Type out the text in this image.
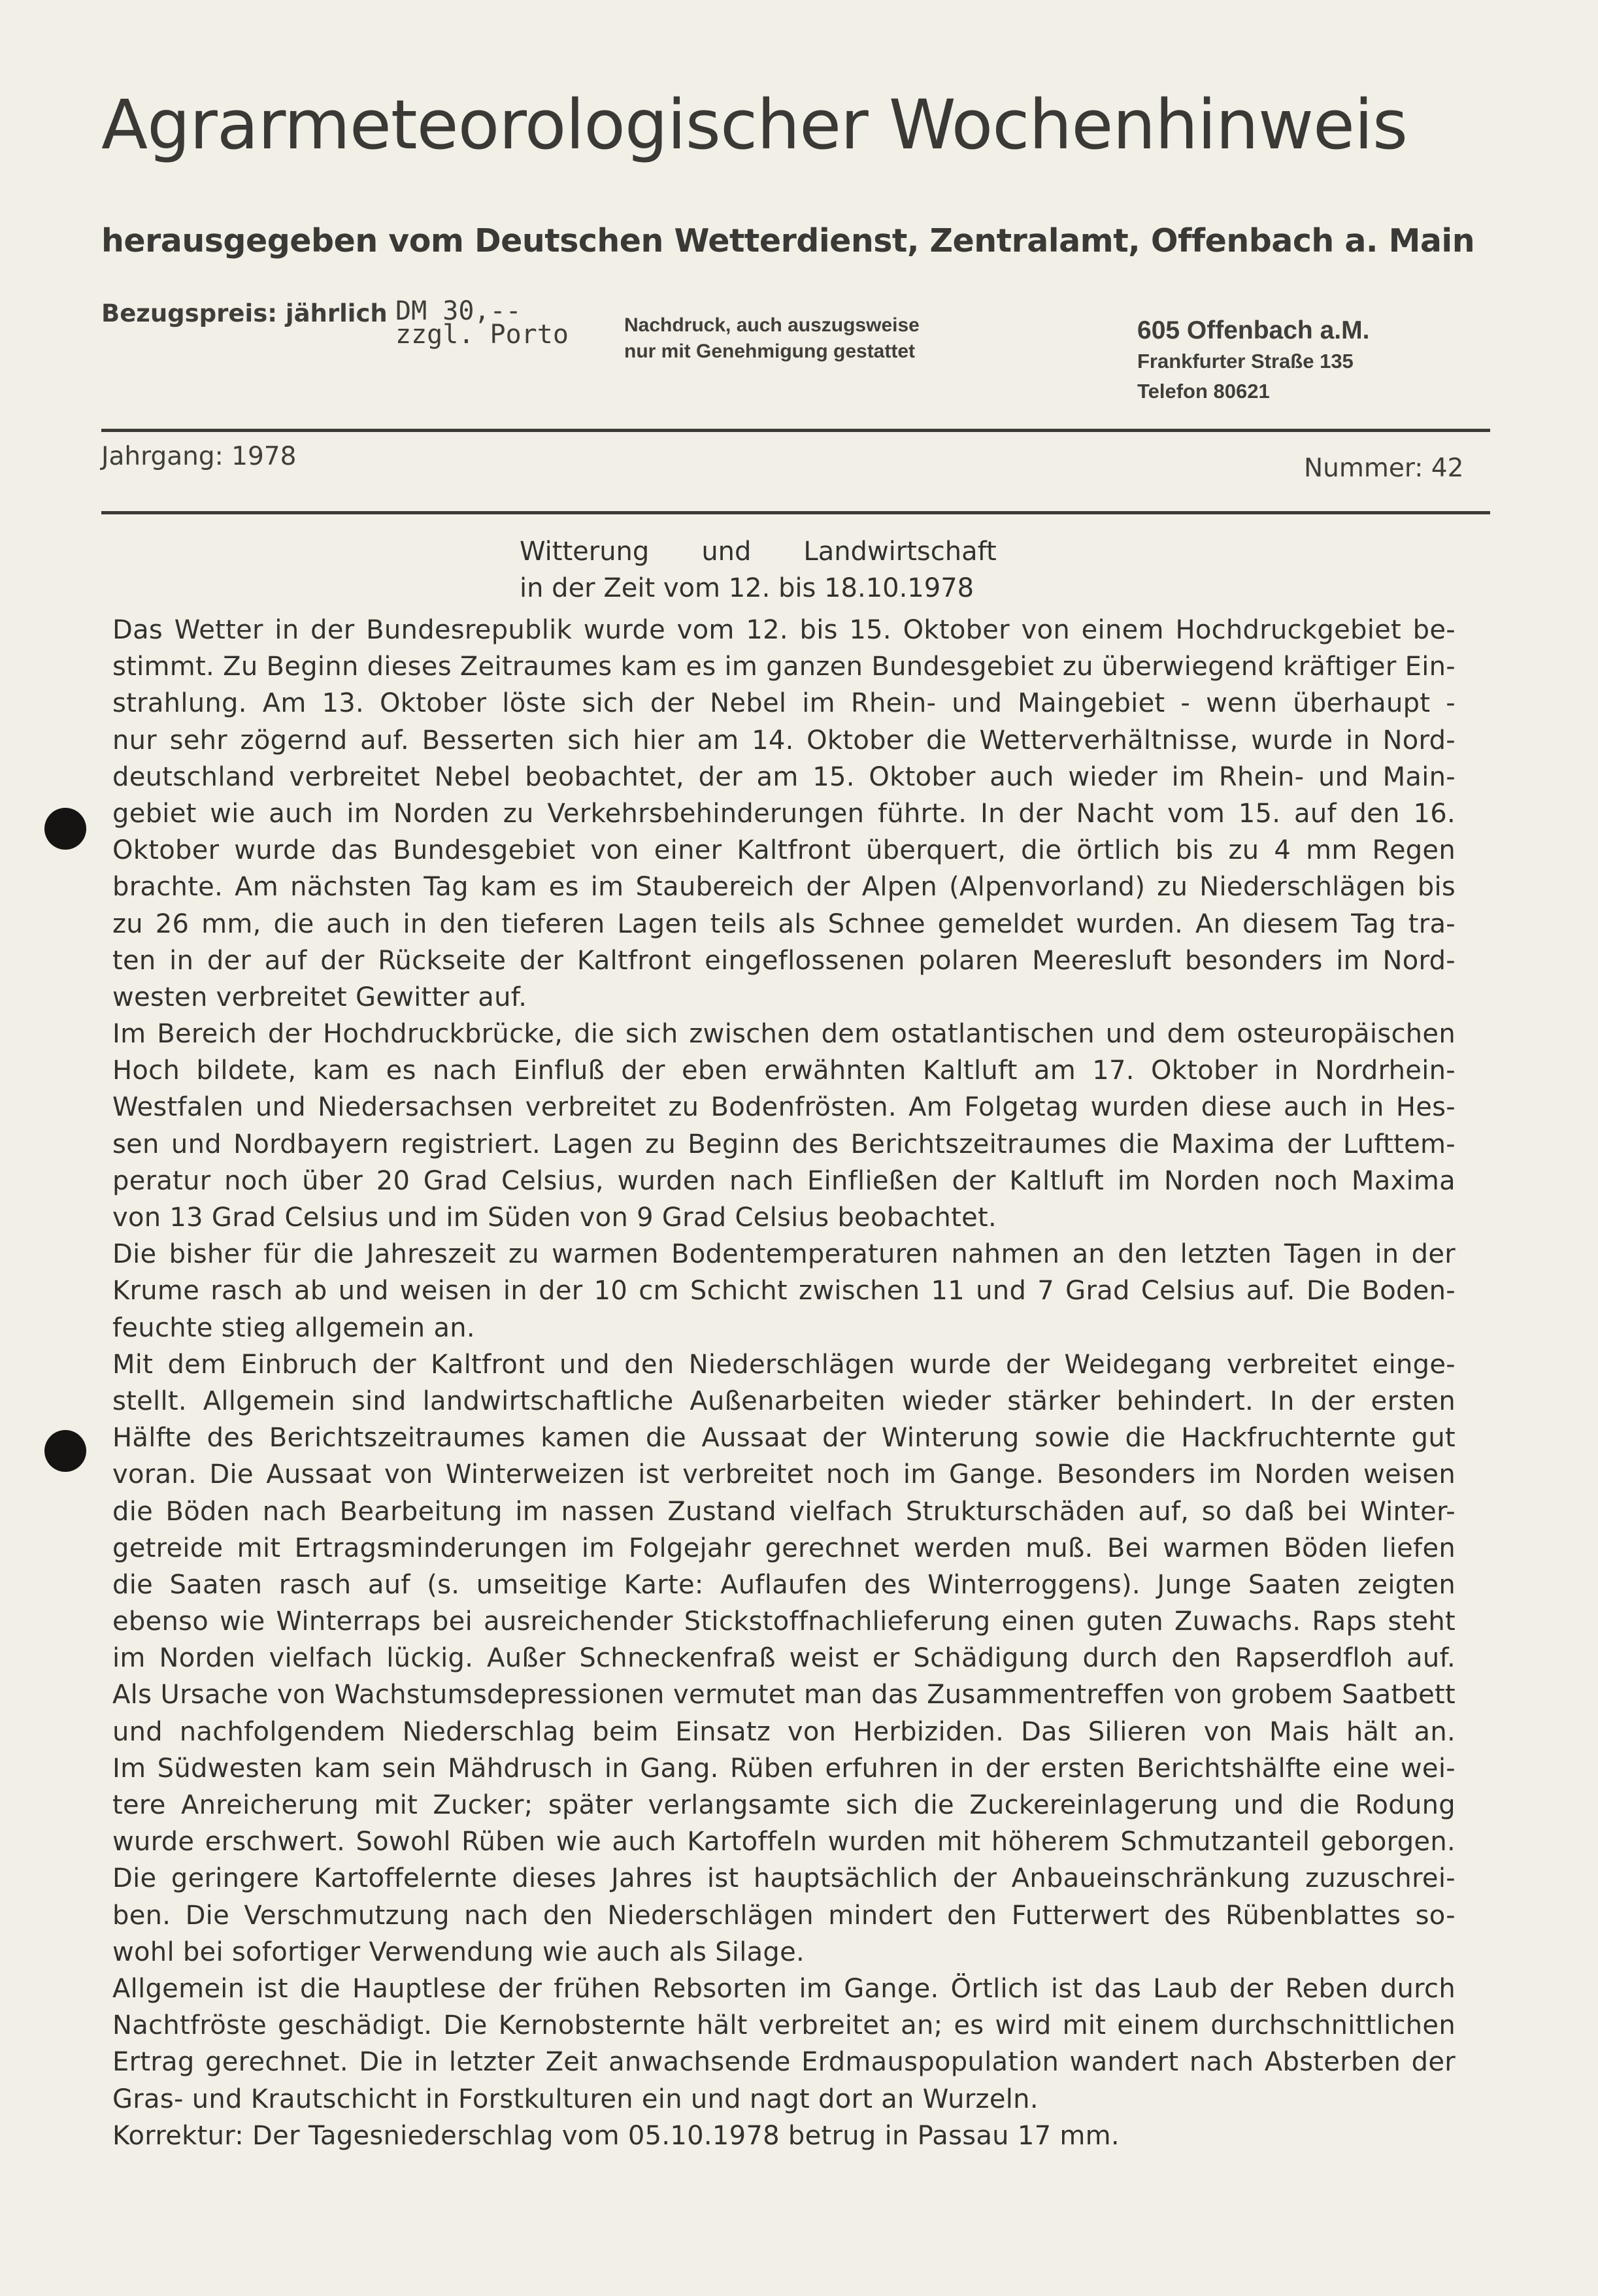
Agrarmeteorologischer Wochenhinweis
herausgegeben vom Deutschen Wetterdienst, Zentralamt, Offenbach a. Main
Bezugspreis: jährlich DM 30,--
zzgl. Porto	Nachdruck, auch auszugsweise
nur mit Genehmigung gestattet
605 Offenbach a.M.
Frankfurter Straße 135
Telefon 80621
Jahrgang: 1978	Nummer: 42
Witterung und Landwirtschaft
in der Zeit vom 12. bis 18.10.1978
Das Wetter in der Bundesrepublik wurde vom 12. bis 15. Oktober von einem Hochdruckgebiet be-
stimmt. Zu Beginn dieses Zeitraumes kam es im ganzen Bundesgebiet zu überwiegend kräftiger Ein-
strahlung. Am 13. Oktober löste sich der Nebel im Rhein- und Maingebiet - wenn überhaupt -
nur sehr zögernd auf. Besserten sich hier am 14. Oktober die Wetterverhältnisse, wurde in Nord-
deutschland verbreitet Nebel beobachtet, der am 15. Oktober auch wieder im Rhein- und Main-
gebiet wie auch im Norden zu Verkehrsbehinderungen führte. In der Nacht vom 15. auf den 16.
Oktober wurde das Bundesgebiet von einer Kaltfront überquert, die örtlich bis zu 4 mm Regen
brachte. Am nächsten Tag kam es im Staubereich der Alpen (Alpenvorland) zu Niederschlägen bis
zu 26 mm, die auch in den tieferen Lagen teils als Schnee gemeldet wurden. An diesem Tag tra-
ten in der auf der Rückseite der Kaltfront eingeflossenen polaren Meeresluft besonders im Nord-
westen verbreitet Gewitter auf.
Im Bereich der Hochdruckbrücke, die sich zwischen dem ostatlantischen und dem osteuropäischen
Hoch bildete, kam es nach Einfluß der eben erwähnten Kaltluft am 17. Oktober in Nordrhein-
Westfalen und Niedersachsen verbreitet zu Bodenfrösten. Am Folgetag wurden diese auch in Hes-
sen und Nordbayern registriert. Lagen zu Beginn des Berichtszeitraumes die Maxima der Lufttem-
peratur noch über 20 Grad Celsius, wurden nach Einfließen der Kaltluft im Norden noch Maxima
von 13 Grad Celsius und im Süden von 9 Grad Celsius beobachtet.
Die bisher für die Jahreszeit zu warmen Bodentemperaturen nahmen an den letzten Tagen in der
Krume rasch ab und weisen in der 10 cm Schicht zwischen 11 und 7 Grad Celsius auf. Die Boden-
feuchte stieg allgemein an.
Mit dem Einbruch der Kaltfront und den Niederschlägen wurde der Weidegang verbreitet einge-
stellt. Allgemein sind landwirtschaftliche Außenarbeiten wieder stärker behindert. In der ersten
Hälfte des Berichtszeitraumes kamen die Aussaat der Winterung sowie die Hackfruchternte gut
voran. Die Aussaat von Winterweizen ist verbreitet noch im Gange. Besonders im Norden weisen
die Böden nach Bearbeitung im nassen Zustand vielfach Strukturschäden auf, so daß bei Winter-
getreide mit Ertragsminderungen im Folgejahr gerechnet werden muß. Bei warmen Böden liefen
die Saaten rasch auf (s. umseitige Karte: Auflaufen des Winterroggens). Junge Saaten zeigten
ebenso wie Winterraps bei ausreichender Stickstoffnachlieferung einen guten Zuwachs. Raps steht
im Norden vielfach lückig. Außer Schneckenfraß weist er Schädigung durch den Rapserdfloh auf.
Als Ursache von Wachstumsdepressionen vermutet man das Zusammentreffen von grobem Saatbett
und nachfolgendem Niederschlag beim Einsatz von Herbiziden. Das Silieren von Mais hält an.
Im Südwesten kam sein Mähdrusch in Gang. Rüben erfuhren in der ersten Berichtshälfte eine wei-
tere Anreicherung mit Zucker; später verlangsamte sich die Zuckereinlagerung und die Rodung
wurde erschwert. Sowohl Rüben wie auch Kartoffeln wurden mit höherem Schmutzanteil geborgen.
Die geringere Kartoffelernte dieses Jahres ist hauptsächlich der Anbaueinschränkung zuzuschrei-
ben. Die Verschmutzung nach den Niederschlägen mindert den Futterwert des Rübenblattes so-
wohl bei sofortiger Verwendung wie auch als Silage.
Allgemein ist die Hauptlese der frühen Rebsorten im Gange. Örtlich ist das Laub der Reben durch
Nachtfröste geschädigt. Die Kernobsternte hält verbreitet an; es wird mit einem durchschnittlichen
Ertrag gerechnet. Die in letzter Zeit anwachsende Erdmauspopulation wandert nach Absterben der
Gras- und Krautschicht in Forstkulturen ein und nagt dort an Wurzeln.
Korrektur: Der Tagesniederschlag vom 05.10.1978 betrug in Passau 17 mm.
